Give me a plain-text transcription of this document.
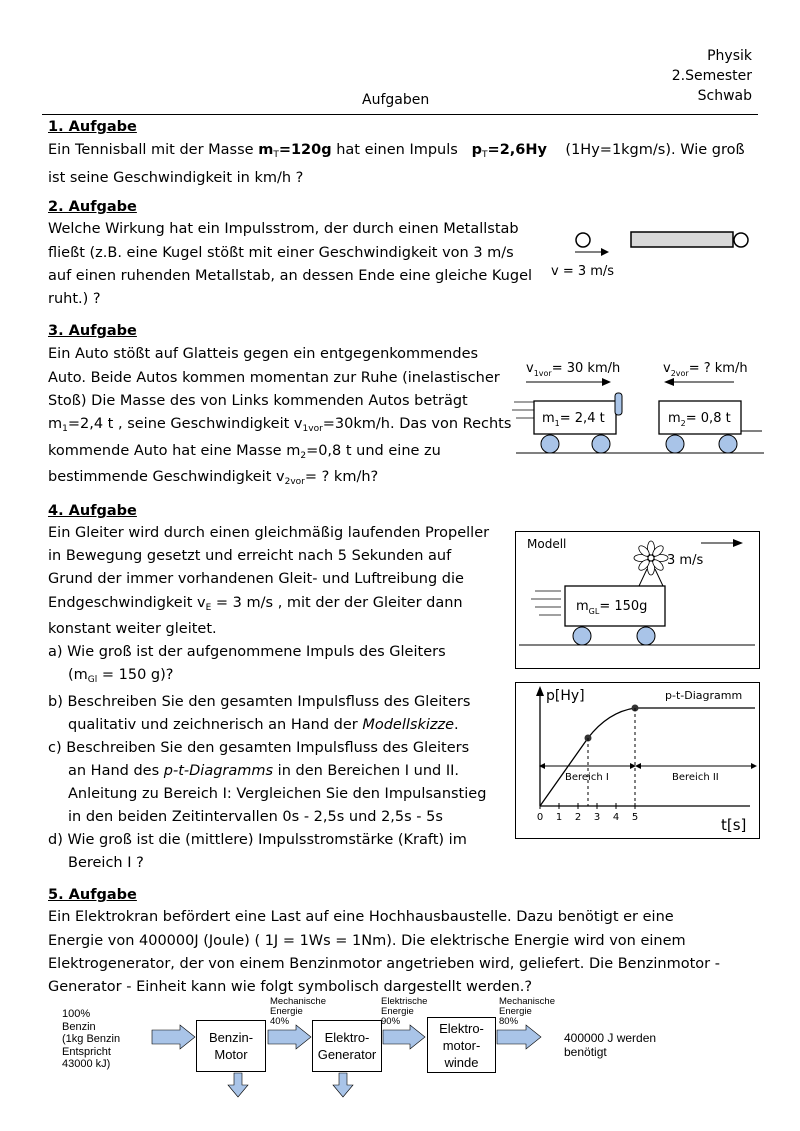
Physik
2.Semester
Schwab
Aufgaben
1. Aufgabe
Ein Tennisball mit der Masse $m_T=120g$ hat einen Impuls   $p_T=2,6Hy$ (1Hy=1kgm/s). Wie groß
ist seine Geschwindigkeit in km/h ?
2. Aufgabe
Welche Wirkung hat ein Impulsstrom, der durch einen Metallstab
fließt (z.B. eine Kugel stößt mit einer Geschwindigkeit von 3 m/s
auf einen ruhenden Metallstab, an dessen Ende eine gleiche Kugel
ruht.) ?
v = 3 m/s
3. Aufgabe
Ein Auto stößt auf Glatteis gegen ein entgegenkommendes
Auto. Beide Autos kommen momentan zur Ruhe (inelastischer
Stoß) Die Masse des von Links kommenden Autos beträgt
$m_1=2,4$ t , seine Geschwindigkeit $v_{1vor}=30km/h$. Das von Rechts
kommende Auto hat eine Masse $m_2=0,8$ t und eine zu
bestimmende Geschwindigkeit $v_{2vor}=$ ? km/h?
$v_{1vor}= 30$ km/h	$v_{2vor}=$ ? km/h
$m_1= 2,4$ t	$m_2= 0,8$ t
4. Aufgabe
Ein Gleiter wird durch einen gleichmäßig laufenden Propeller
in Bewegung gesetzt und erreicht nach 5 Sekunden auf
Grund der immer vorhandenen Gleit- und Luftreibung die
Endgeschwindigkeit $v_E = 3$ m/s , mit der der Gleiter dann
konstant weiter gleitet.
a) Wie groß ist der aufgenommene Impuls des Gleiters
($m_{Gl} = 150$ g)?
b) Beschreiben Sie den gesamten Impulsfluss des Gleiters
qualitativ und zeichnerisch an Hand der Modellskizze.
c) Beschreiben Sie den gesamten Impulsfluss des Gleiters
an Hand des p-t-Diagramms in den Bereichen I und II.
Anleitung zu Bereich I: Vergleichen Sie den Impulsanstieg
in den beiden Zeitintervallen 0s - 2,5s und 2,5s - 5s
d) Wie groß ist die (mittlere) Impulsstromstärke (Kraft) im
Bereich I ?
Modell
3 m/s
$m_{GL}= 150g$
p[Hy]	p-t-Diagramm
Bereich I	Bereich II
0 1 2 3 4 5	t[s]
5. Aufgabe
Ein Elektrokran befördert eine Last auf eine Hochhausbaustelle. Dazu benötigt er eine
Energie von 400000J (Joule) ( 1J = 1Ws = 1Nm). Die elektrische Energie wird von einem
Elektrogenerator, der von einem Benzinmotor angetrieben wird, geliefert. Die Benzinmotor -
Generator - Einheit kann wie folgt symbolisch dargestellt werden.?
100%
Benzin
(1kg Benzin
Entspricht
43000 kJ)
Benzin-
Motor
Mechanische
Energie
40%
Elektro-
Generator
Elektrische
Energie
90%	Elektro-
motor-
winde
Mechanische
Energie
80%
400000 J werden
benötigt
